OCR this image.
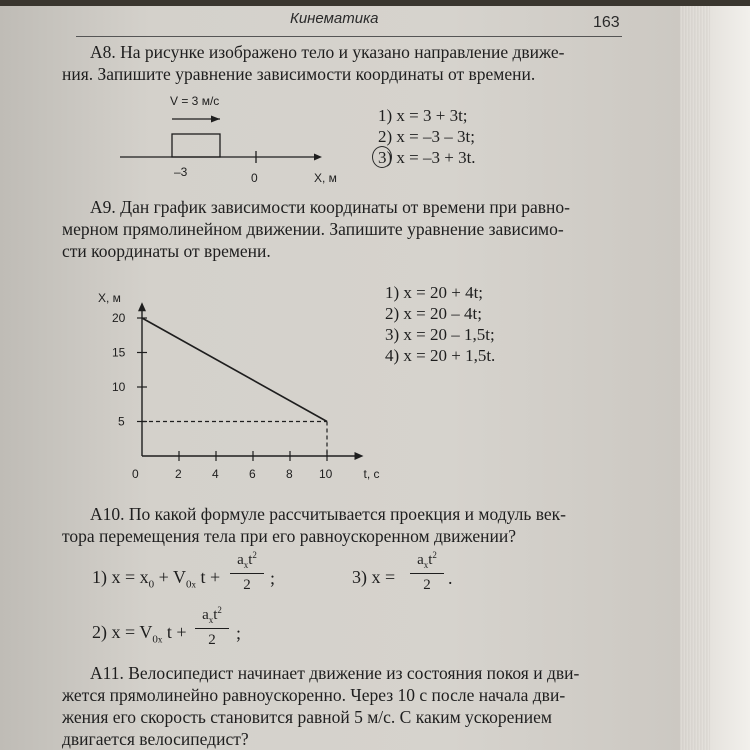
Кинематика	163
А8. На рисунке изображено тело и указано направление движе-
ния. Запишите уравнение зависимости координаты от времени.
V = 3 м/с
–3	0	X, м
1) x = 3 + 3t;
2) x = –3 – 3t;
3) x = –3 + 3t.
А9. Дан график зависимости координаты от времени при равно-
мерном прямолинейном движении. Запишите уравнение зависимо-
сти координаты от времени.
X, м
t, с
0	2	4	6	8 10
5
10
15
20
1) x = 20 + 4t;
2) x = 20 – 4t;
3) x = 20 – 1,5t;
4) x = 20 + 1,5t.
А10. По какой формуле рассчитывается проекция и модуль век-
тора перемещения тела при его равноускоренном движении?
1) $x = x_0 + V_{0x}$ t +
$a_xt^2$
2	;	3) x =
$a_xt^2$
2 .
2) $x = V_{0x}$ t +
$a_xt^2$
2	;
А11. Велосипедист начинает движение из состояния покоя и дви-
жется прямолинейно равноускоренно. Через 10 с после начала дви-
жения его скорость становится равной 5 м/с. С каким ускорением
двигается велосипедист?
